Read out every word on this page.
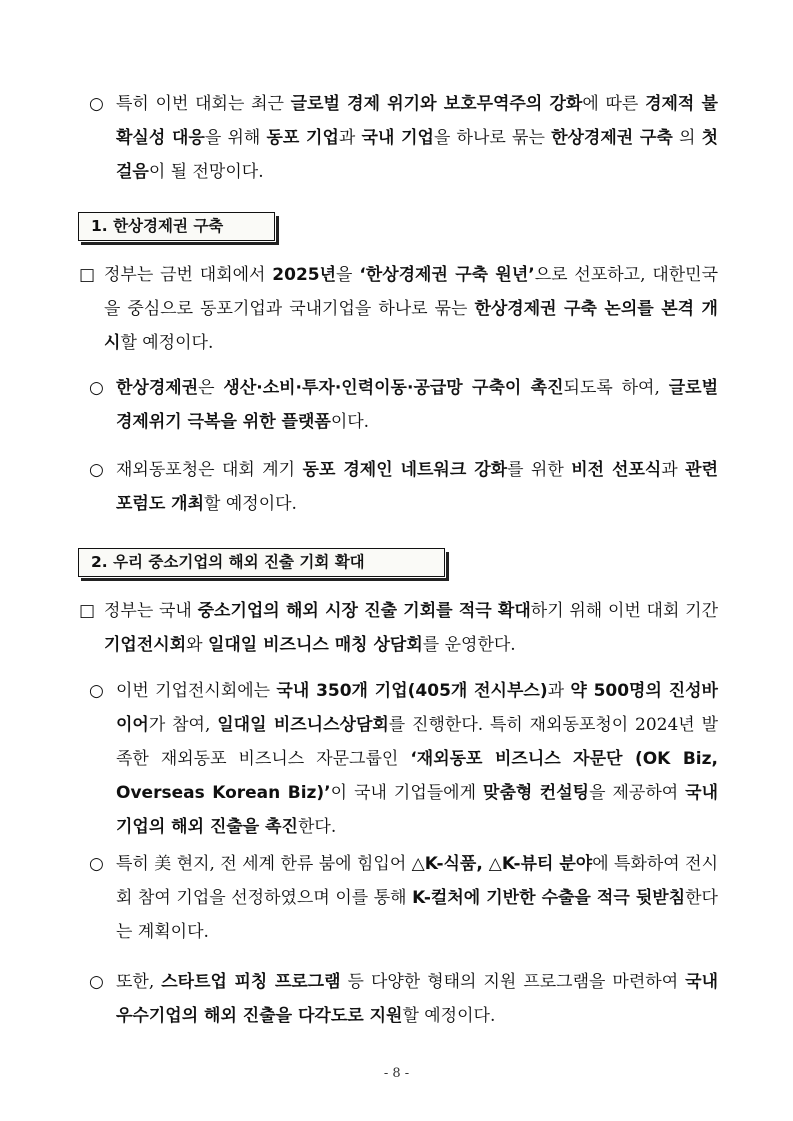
○ 특히 이번 대회는 최근 글로벌 경제 위기와 보호무역주의 강화에 따른 경제적 불확실성 대응을 위해 동포 기업과 국내 기업을 하나로 묶는 한상경제권 구축 의 첫 걸음이 될 전망이다.

1. 한상경제권 구축
□ 정부는 금번 대회에서 2025년을 ‘한상경제권 구축 원년’으로 선포하고, 대한민국을 중심으로 동포기업과 국내기업을 하나로 묶는 한상경제권 구축 논의를 본격 개시할 예정이다.

○ 한상경제권은 생산·소비·투자·인력이동·공급망 구축이 촉진되도록 하여, 글로벌 경제위기 극복을 위한 플랫폼이다.

○ 재외동포청은 대회 계기 동포 경제인 네트워크 강화를 위한 비전 선포식과 관련 포럼도 개최할 예정이다.

2. 우리 중소기업의 해외 진출 기회 확대
□ 정부는 국내 중소기업의 해외 시장 진출 기회를 적극 확대하기 위해 이번 대회 기간 기업전시회와 일대일 비즈니스 매칭 상담회를 운영한다.

○ 이번 기업전시회에는 국내 350개 기업(405개 전시부스)과 약 500명의 진성바이어가 참여, 일대일 비즈니스상담회를 진행한다. 특히 재외동포청이 2024년 발족한 재외동포 비즈니스 자문그룹인 ‘재외동포 비즈니스 자문단 (OK Biz, Overseas Korean Biz)’이 국내 기업들에게 맞춤형 컨설팅을 제공하여 국내 기업의 해외 진출을 촉진한다.

○ 특히 美 현지, 전 세계 한류 붐에 힘입어 △K-식품, △K-뷰티 분야에 특화하여 전시회 참여 기업을 선정하였으며 이를 통해 K-컬처에 기반한 수출을 적극 뒷받침한다는 계획이다.

○ 또한, 스타트업 피칭 프로그램 등 다양한 형태의 지원 프로그램을 마련하여 국내 우수기업의 해외 진출을 다각도로 지원할 예정이다.

- 8 -
